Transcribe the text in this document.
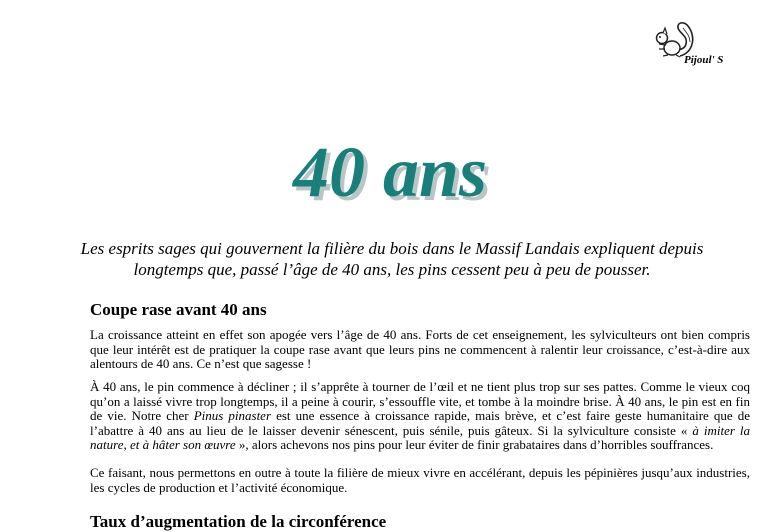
Pijoul' S
40 ans
Les esprits sages qui gouvernent la filière du bois dans le Massif Landais expliquent depuis longtemps que, passé l’âge de 40 ans, les pins cessent peu à peu de pousser.
Coupe rase avant 40 ans

La croissance atteint en effet son apogée vers l’âge de 40 ans. Forts de cet enseignement, les sylviculteurs ont bien compris que leur intérêt est de pratiquer la coupe rase avant que leurs pins ne commencent à ralentir leur croissance, c’est-à-dire aux alentours de 40 ans. Ce n’est que sagesse !

À 40 ans, le pin commence à décliner ; il s’apprête à tourner de l’œil et ne tient plus trop sur ses pattes. Comme le vieux coq qu’on a laissé vivre trop longtemps, il a peine à courir, s’essouffle vite, et tombe à la moindre brise. À 40 ans, le pin est en fin de vie. Notre cher Pinus pinaster est une essence à croissance rapide, mais brève, et c’est faire geste humanitaire que de l’abattre à 40 ans au lieu de le laisser devenir sénescent, puis sénile, puis gâteux. Si la sylviculture consiste « à imiter la nature, et à hâter son œuvre », alors achevons nos pins pour leur éviter de finir grabataires dans d’horribles souffrances.

Ce faisant, nous permettons en outre à toute la filière de mieux vivre en accélérant, depuis les pépinières jusqu’aux industries, les cycles de production et l’activité économique.

Taux d’augmentation de la circonférence
